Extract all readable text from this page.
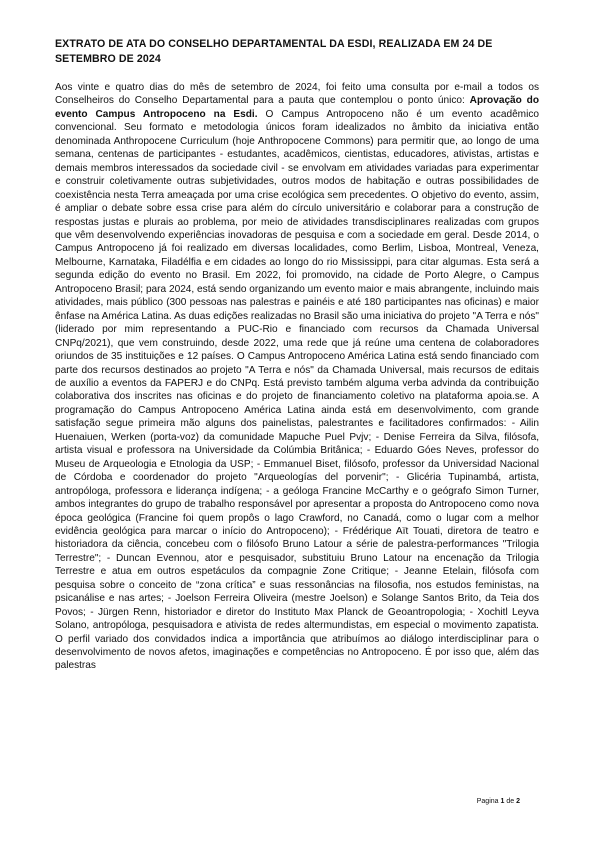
EXTRATO DE ATA DO CONSELHO DEPARTAMENTAL DA ESDI, REALIZADA EM 24 DE SETEMBRO DE 2024

Aos vinte e quatro dias do mês de setembro de 2024, foi feito uma consulta por e-mail a todos os Conselheiros do Conselho Departamental para a pauta que contemplou o ponto único: Aprovação do evento Campus Antropoceno na Esdi. O Campus Antropoceno não é um evento acadêmico convencional. Seu formato e metodologia únicos foram idealizados no âmbito da iniciativa então denominada Anthropocene Curriculum (hoje Anthropocene Commons) para permitir que, ao longo de uma semana, centenas de participantes - estudantes, acadêmicos, cientistas, educadores, ativistas, artistas e demais membros interessados da sociedade civil - se envolvam em atividades variadas para experimentar e construir coletivamente outras subjetividades, outros modos de habitação e outras possibilidades de coexistência nesta Terra ameaçada por uma crise ecológica sem precedentes. O objetivo do evento, assim, é ampliar o debate sobre essa crise para além do círculo universitário e colaborar para a construção de respostas justas e plurais ao problema, por meio de atividades transdisciplinares realizadas com grupos que vêm desenvolvendo experiências inovadoras de pesquisa e com a sociedade em geral. Desde 2014, o Campus Antropoceno já foi realizado em diversas localidades, como Berlim, Lisboa, Montreal, Veneza, Melbourne, Karnataka, Filadélfia e em cidades ao longo do rio Mississippi, para citar algumas. Esta será a segunda edição do evento no Brasil. Em 2022, foi promovido, na cidade de Porto Alegre, o Campus Antropoceno Brasil; para 2024, está sendo organizando um evento maior e mais abrangente, incluindo mais atividades, mais público (300 pessoas nas palestras e painéis e até 180 participantes nas oficinas) e maior ênfase na América Latina. As duas edições realizadas no Brasil são uma iniciativa do projeto "A Terra e nós" (liderado por mim representando a PUC-Rio e financiado com recursos da Chamada Universal CNPq/2021), que vem construindo, desde 2022, uma rede que já reúne uma centena de colaboradores oriundos de 35 instituições e 12 países. O Campus Antropoceno América Latina está sendo financiado com parte dos recursos destinados ao projeto "A Terra e nós" da Chamada Universal, mais recursos de editais de auxílio a eventos da FAPERJ e do CNPq. Está previsto também alguma verba advinda da contribuição colaborativa dos inscrites nas oficinas e do projeto de financiamento coletivo na plataforma apoia.se. A programação do Campus Antropoceno América Latina ainda está em desenvolvimento, com grande satisfação segue primeira mão alguns dos painelistas, palestrantes e facilitadores confirmados: - Ailin Huenaiuen, Werken (porta-voz) da comunidade Mapuche Puel Pvjv; - Denise Ferreira da Silva, filósofa, artista visual e professora na Universidade da Colúmbia Britânica; - Eduardo Góes Neves, professor do Museu de Arqueologia e Etnologia da USP; - Emmanuel Biset, filósofo, professor da Universidad Nacional de Córdoba e coordenador do projeto "Arqueologías del porvenir"; - Glicéria Tupinambá, artista, antropóloga, professora e liderança indígena; - a geóloga Francine McCarthy e o geógrafo Simon Turner, ambos integrantes do grupo de trabalho responsável por apresentar a proposta do Antropoceno como nova época geológica (Francine foi quem propôs o lago Crawford, no Canadá, como o lugar com a melhor evidência geológica para marcar o início do Antropoceno); - Frédérique Aït Touati, diretora de teatro e historiadora da ciência, concebeu com o filósofo Bruno Latour a série de palestra-performances "Trilogia Terrestre"; - Duncan Evennou, ator e pesquisador, substituiu Bruno Latour na encenação da Trilogia Terrestre e atua em outros espetáculos da compagnie Zone Critique; - Jeanne Etelain, filósofa com pesquisa sobre o conceito de “zona crítica” e suas ressonâncias na filosofia, nos estudos feministas, na psicanálise e nas artes; - Joelson Ferreira Oliveira (mestre Joelson) e Solange Santos Brito, da Teia dos Povos; - Jürgen Renn, historiador e diretor do Instituto Max Planck de Geoantropologia; - Xochitl Leyva Solano, antropóloga, pesquisadora e ativista de redes altermundistas, em especial o movimento zapatista. O perfil variado dos convidados indica a importância que atribuímos ao diálogo interdisciplinar para o desenvolvimento de novos afetos, imaginações e competências no Antropoceno. É por isso que, além das palestras

Pagina 1 de 2
